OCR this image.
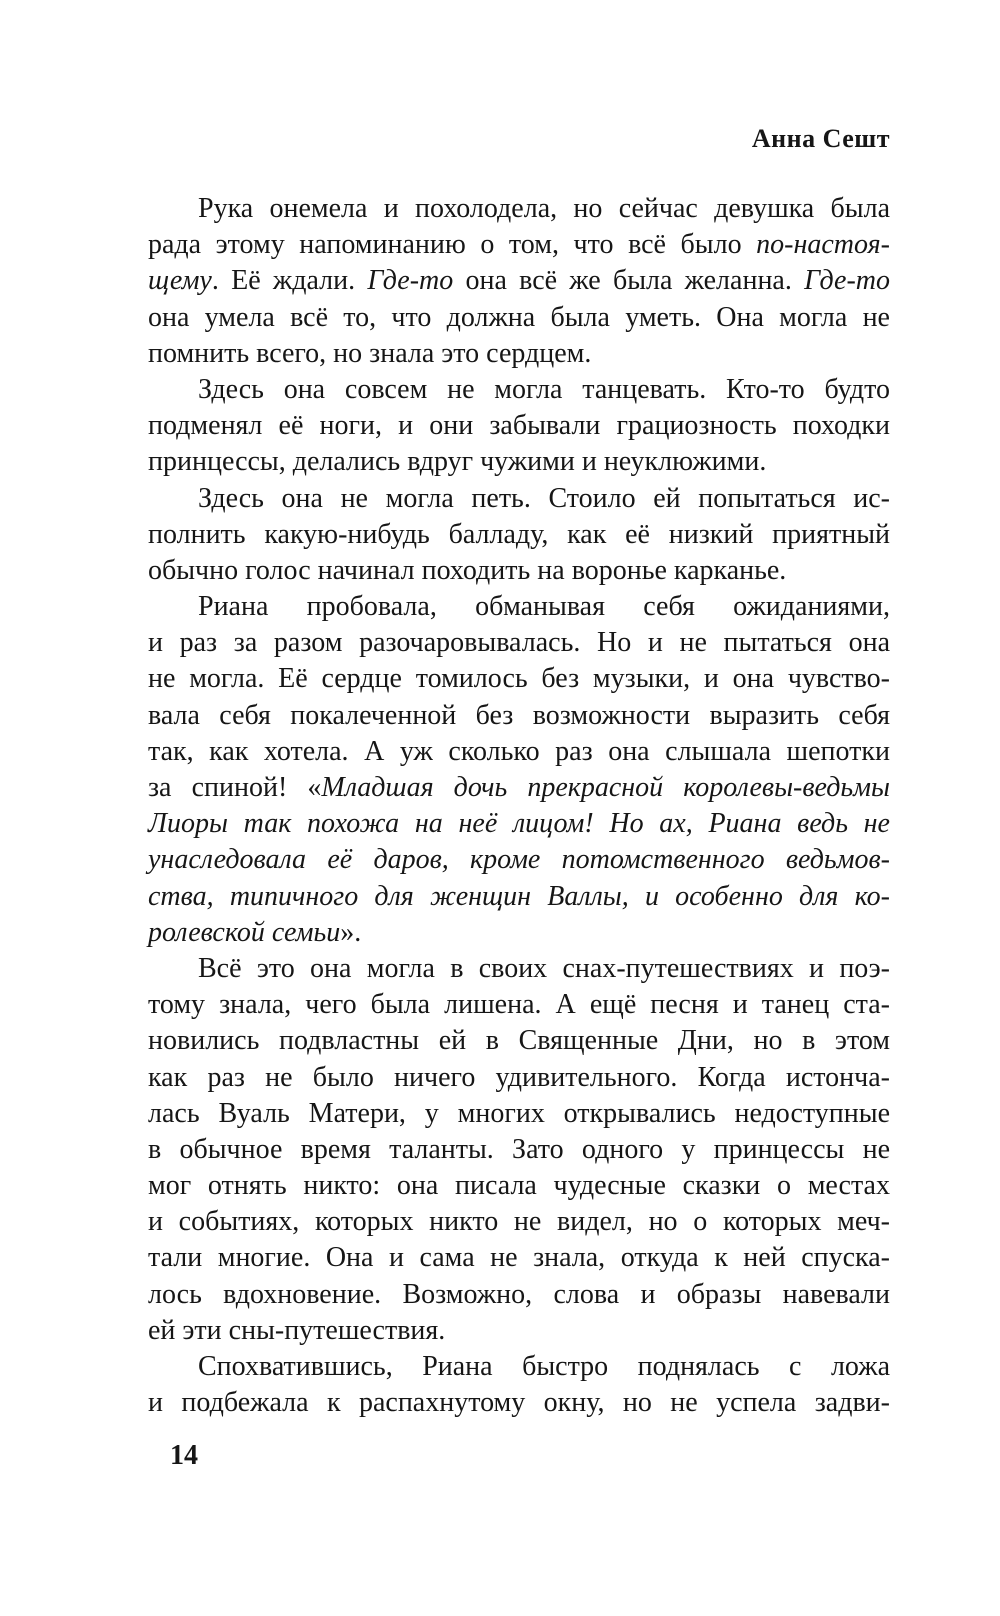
Анна Сешт
Рука онемела и похолодела, но сейчас девушка была
рада этому напоминанию о том, что всё было по-настоя-
щему. Её ждали. Где-то она всё же была желанна. Где-то
она умела всё то, что должна была уметь. Она могла не
помнить всего, но знала это сердцем.
Здесь она совсем не могла танцевать. Кто-то будто
подменял её ноги, и они забывали грациозность походки
принцессы, делались вдруг чужими и неуклюжими.
Здесь она не могла петь. Стоило ей попытаться ис-
полнить какую-нибудь балладу, как её низкий приятный
обычно голос начинал походить на воронье карканье.
Риана пробовала, обманывая себя ожиданиями,
и раз за разом разочаровывалась. Но и не пытаться она
не могла. Её сердце томилось без музыки, и она чувство-
вала себя покалеченной без возможности выразить себя
так, как хотела. А уж сколько раз она слышала шепотки
за спиной! «Младшая дочь прекрасной королевы-ведьмы
Лиоры так похожа на неё лицом! Но ах, Риана ведь не
унаследовала её даров, кроме потомственного ведьмов-
ства, типичного для женщин Валлы, и особенно для ко-
ролевской семьи».
Всё это она могла в своих снах-путешествиях и поэ-
тому знала, чего была лишена. А ещё песня и танец ста-
новились подвластны ей в Священные Дни, но в этом
как раз не было ничего удивительного. Когда истонча-
лась Вуаль Матери, у многих открывались недоступные
в обычное время таланты. Зато одного у принцессы не
мог отнять никто: она писала чудесные сказки о местах
и событиях, которых никто не видел, но о которых меч-
тали многие. Она и сама не знала, откуда к ней спуска-
лось вдохновение. Возможно, слова и образы навевали
ей эти сны-путешествия.
Спохватившись, Риана быстро поднялась с ложа
и подбежала к распахнутому окну, но не успела задви-
14
